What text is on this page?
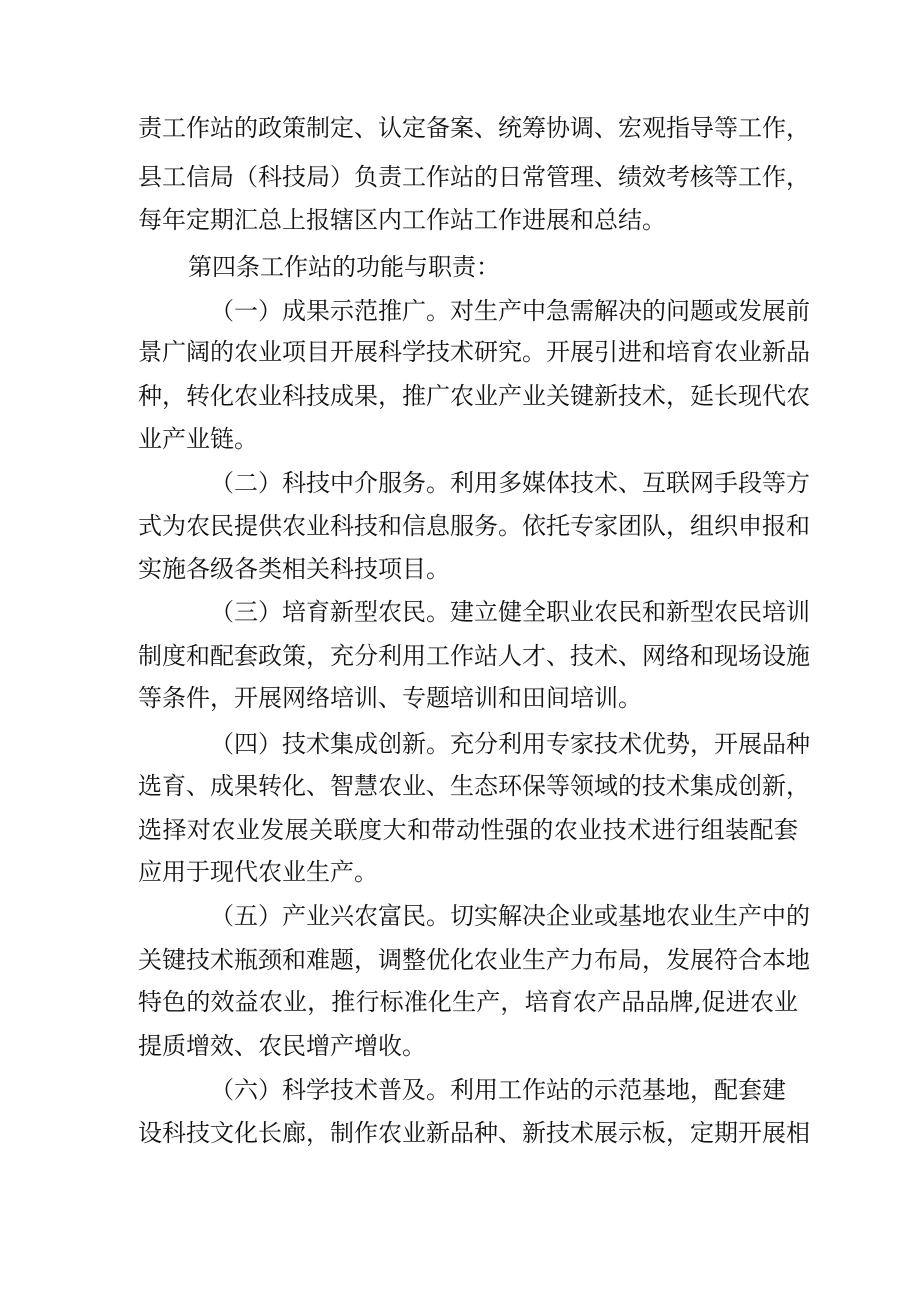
责工作站的政策制定、认定备案、统筹协调、宏观指导等工作，
县工信局（科技局）负责工作站的日常管理、绩效考核等工作，
每年定期汇总上报辖区内工作站工作进展和总结。
第四条工作站的功能与职责：
（一）成果示范推广。对生产中急需解决的问题或发展前
景广阔的农业项目开展科学技术研究。开展引进和培育农业新品
种，转化农业科技成果，推广农业产业关键新技术，延长现代农
业产业链。
（二）科技中介服务。利用多媒体技术、互联网手段等方
式为农民提供农业科技和信息服务。依托专家团队，组织申报和
实施各级各类相关科技项目。
（三）培育新型农民。建立健全职业农民和新型农民培训
制度和配套政策，充分利用工作站人才、技术、网络和现场设施
等条件，开展网络培训、专题培训和田间培训。
（四）技术集成创新。充分利用专家技术优势，开展品种
选育、成果转化、智慧农业、生态环保等领域的技术集成创新，
选择对农业发展关联度大和带动性强的农业技术进行组装配套
应用于现代农业生产。
（五）产业兴农富民。切实解决企业或基地农业生产中的
关键技术瓶颈和难题，调整优化农业生产力布局，发展符合本地
特色的效益农业，推行标准化生产，培育农产品品牌,促进农业
提质增效、农民增产增收。
（六）科学技术普及。利用工作站的示范基地，配套建
设科技文化长廊，制作农业新品种、新技术展示板，定期开展相
